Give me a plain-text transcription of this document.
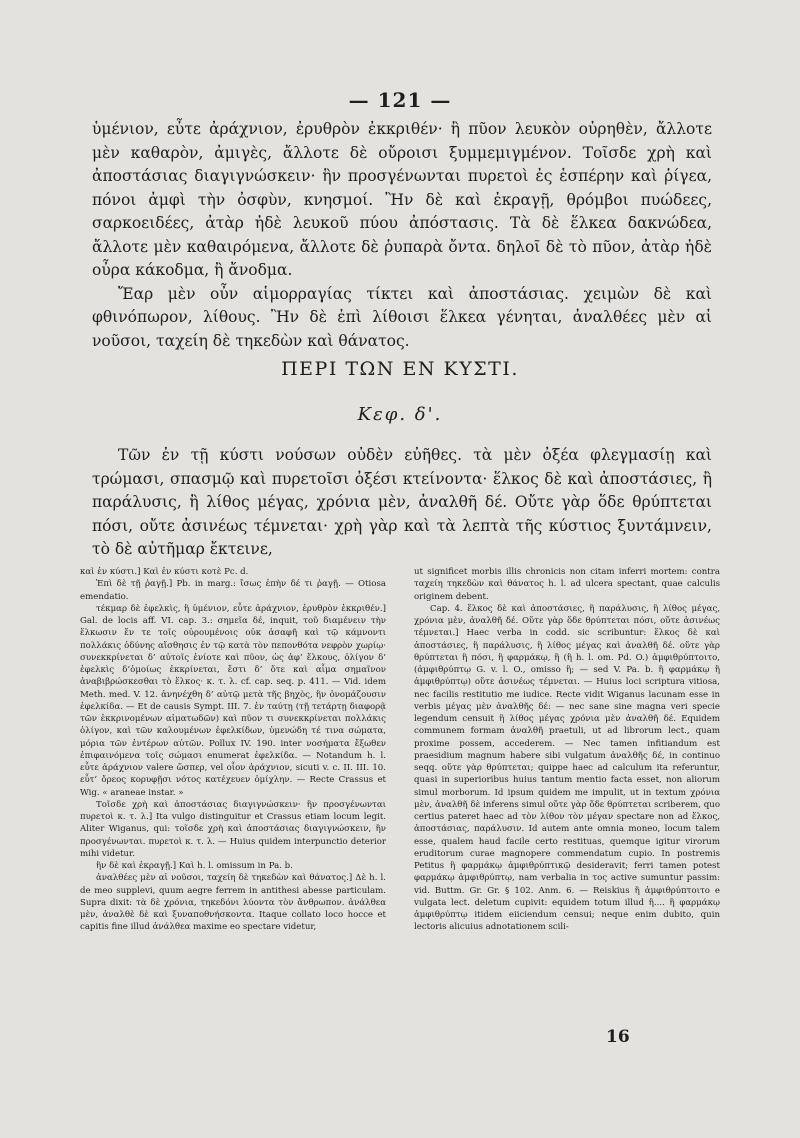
— 121 —

ὑμένιον, εὖτε ἀράχνιον, ἐρυθρὸν ἐκκριθέν· ἢ πῦον λευκὸν οὐρηθὲν, ἄλλοτε μὲν καθαρὸν, ἀμιγὲς, ἄλλοτε δὲ οὔροισι ξυμμεμιγμένον. Τοῖσδε χρὴ καὶ ἀποστάσιας διαγιγνώσκειν· ἣν προσγένωνται πυρετοὶ ἐς ἑσπέρην καὶ ῥίγεα, πόνοι ἀμφὶ τὴν ὀσφὺν, κνησμοί. Ἢν δὲ καὶ ἐκραγῇ, θρόμβοι πυώδεες, σαρκοειδέες, ἀτὰρ ἠδὲ λευκοῦ πύου ἀπόστασις. Τὰ δὲ ἕλκεα δακνώδεα, ἄλλοτε μὲν καθαιρόμενα, ἄλλοτε δὲ ῥυπαρὰ ὄντα. δηλοῖ δὲ τὸ πῦον, ἀτὰρ ἠδὲ οὖρα κάκοδμα, ἢ ἄνοδμα.

Ἔαρ μὲν οὖν αἱμορραγίας τίκτει καὶ ἀποστάσιας. χειμὼν δὲ καὶ φθινόπωρον, λίθους. Ἢν δὲ ἐπὶ λίθοισι ἕλκεα γένηται, ἀναλθέες μὲν αἱ νοῦσοι, ταχείη δὲ τηκεδὼν καὶ θάνατος.

ΠΕΡΙ ΤΩΝ ΕΝ ΚΥΣΤΙ.
Κεφ. δ'.

Τῶν ἐν τῇ κύστι νούσων οὐδὲν εὐῆθες. τὰ μὲν ὀξέα φλεγμασίῃ καὶ τρώμασι, σπασμῷ καὶ πυρετοῖσι ὀξέσι κτείνοντα· ἕλκος δὲ καὶ ἀποστάσιες, ἢ παράλυσις, ἢ λίθος μέγας, χρόνια μὲν, ἀναλθῆ δέ. Οὔτε γὰρ ὅδε θρύπτεται πόσι, οὔτε ἀσινέως τέμνεται· χρὴ γὰρ καὶ τὰ λεπτὰ τῆς κύστιος ξυντάμνειν, τὸ δὲ αὐτῆμαρ ἔκτεινε,

καὶ ἐν κύστι.] Καὶ ἐν κύστι κοτὲ Pc. d.

Ἐπὶ δὲ τῇ ῥαγῇ.] Pb. in marg.: ἴσως ἐπὴν δέ τι ῥαγῇ. — Otiosa emendatio.

τέκμαρ δὲ ἐφελκὶς, ἢ ὑμένιον, εὖτε ἀράχνιον, ἐρυθρὸν ἐκκριθέν.] Gal. de locis aff. VI. cap. 3.: σημεῖα δέ, inquit, τοῦ διαμένειν τὴν ἕλκωσιν ἔν τε τοῖς οὐρουμένοις οὐκ ἀσαφῆ καὶ τῷ κάμνοντι πολλάκις ὀδύνης αἴσθησις ἐν τῷ κατὰ τὸν πεπονθότα νεφρὸν χωρίῳ· συνεκκρίνεται δ’ αὐτοῖς ἐνίοτε καὶ πῦον, ὡς ἀφ’ ἕλκους, ὀλίγον δ’ ἐφελκὶς δ’ὁμοίως ἐκκρίνεται, ἔστι δ’ ὅτε καὶ αἷμα σημαῖνον ἀναβιβρώσκεσθαι τὸ ἕλκος· κ. τ. λ. cf. cap. seq. p. 411. — Vid. idem Meth. med. V. 12. ἀνηνέχθη δ’ αὐτῷ μετὰ τῆς βηχὸς, ἣν ὀνομάζουσιν ἐφελκίδα. — Et de causis Sympt. III. 7. ἐν ταύτῃ (τῇ τετάρτῃ διαφορᾷ τῶν ἐκκρινομένων αἱματωδῶν) καὶ πῦον τι συνεκκρίνεται πολλάκις ὀλίγον, καὶ τῶν καλουμένων ἐφελκίδων, ὑμενώδη τέ τινα σώματα, μόρια τῶν ἐντέρων αὐτῶν. Pollux IV. 190. inter νοσήματα ἔξωθεν ἐπιφαινόμενα τοῖς σώμασι enumerat ἐφελκίδα. — Notandum h. l. εὖτε ἀράχνιον valere ὥσπερ, vel οἷον ἀράχνιον, sicuti v. c. II. III. 10. εὖτ’ ὄρεος κορυφῇσι νότος κατέχευεν ὁμίχλην. — Recte Crassus et Wig. « araneae instar. »

Τοῖσδε χρὴ καὶ ἀποστάσιας διαγιγνώσκειν· ἣν προσγένωνται πυρετοὶ κ. τ. λ.] Ita vulgo distinguitur et Crassus etiam locum legit. Aliter Wiganus, qui: τοῖσδε χρὴ καὶ ἀποστάσιας διαγιγνώσκειν, ἢν προσγένωνται. πυρετοὶ κ. τ. λ. — Huius quidem interpunctio deterior mihi videtur.

ἢν δὲ καὶ ἐκραγῇ.] Καὶ h. l. omissum in Pa. b.

ἀναλθέες μὲν αἱ νοῦσοι, ταχείη δὲ τηκεδὼν καὶ θάνατος.] Δὲ h. l. de meo supplevi, quum aegre ferrem in antithesi abesse particulam. Supra dixit: τὰ δὲ χρόνια, τηκεδόνι λύοντα τὸν ἄνθρωπον. ἀνάλθεα μὲν, ἀναλθὲ δὲ καὶ ξυναποθνήσκοντα. Itaque collato loco hocce et capitis fine illud ἀνάλθεα maxime eo spectare videtur,

ut significet morbis illis chronicis non citam inferri mortem: contra ταχείη τηκεδὼν καὶ θάνατος h. l. ad ulcera spectant, quae calculis originem debent.

Cap. 4. ἕλκος δὲ καὶ ἀποστάσιες, ἢ παράλυσις, ἢ λίθος μέγας, χρόνια μὲν, ἀναλθῆ δέ. Οὔτε γὰρ ὅδε θρύπτεται πόσι, οὔτε ἀσινέως τέμνεται.] Haec verba in codd. sic scribuntur: ἕλκος δὲ καὶ ἀποστάσιες, ἢ παράλυσις, ἢ λίθος μέγας καὶ ἀναλθῆ δέ. οὔτε γὰρ θρύπτεται ἢ πόσι, ἢ φαρμάκῳ, ἢ (ἢ h. l. om. Pd. O.) ἀμφιθρύπτοιτο, (ἀμφιθρύπτῳ G. v. l. O., omisso ἢ; — sed V. Pa. b. ἢ φαρμάκῳ ἢ ἀμφιθρύπτῳ) οὔτε ἀσινέως τέμνεται. — Huius loci scriptura vitiosa, nec facilis restitutio me iudice. Recte vidit Wiganus lacunam esse in verbis μέγας μὲν ἀναλθῆς δέ: — nec sane sine magna veri specie legendum censuit ἢ λίθος μέγας χρόνια μὲν ἀναλθῆ δέ. Equidem communem formam ἀναλθῆ praetuli, ut ad librorum lect., quam proxime possem, accederem. — Nec tamen infitiandum est praesidium magnum habere sibi vulgatum ἀναλθῆς δέ, in continuo seqq. οὔτε γὰρ θρύπτεται; quippe haec ad calculum ita referuntur, quasi in superioribus huius tantum mentio facta esset, non aliorum simul morborum. Id ipsum quidem me impulit, ut in textum χρόνια μὲν, ἀναλθῆ δὲ inferens simul οὔτε γὰρ ὅδε θρύπτεται scriberem, quo certius pateret haec ad τὸν λίθον τὸν μέγαν spectare non ad ἕλκος, ἀποστάσιας, παράλυσιν. Id autem ante omnia moneo, locum talem esse, qualem haud facile certo restituas, quemque igitur virorum eruditorum curae magnopere commendatum cupio. In postremis Petitus ἢ φαρμάκῳ ἀμφιθρύπτικῷ desideravit; ferri tamen potest φαρμάκῳ ἀμφιθρύπτῳ, nam verbalia in τος active sumuntur passim: vid. Buttm. Gr. Gr. § 102. Anm. 6. — Reiskius ἢ ἀμφιθρύπτοιτο e vulgata lect. deletum cupivit: equidem totum illud ἢ.... ἢ φαρμάκῳ ἀμφιθρύπτῳ itidem eiiciendum censui; neque enim dubito, quin lectoris alicuius adnotationem scili-

16
